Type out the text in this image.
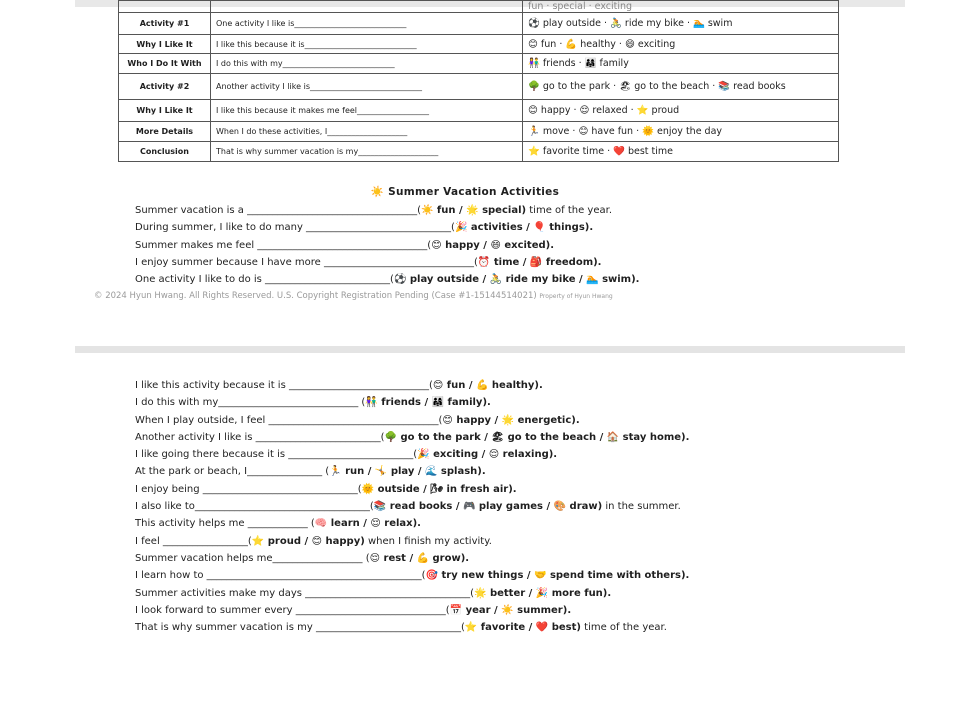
		fun · special · exciting
Activity #1	One activity I like is____________________________	⚽ play outside · 🚴 ride my bike · 🏊 swim
Why I Like It	I like this because it is____________________________	😊 fun · 💪 healthy · 😄 exciting
Who I Do It With	I do this with my____________________________	👫 friends · 👨‍👩‍👧 family
Activity #2	Another activity I like is____________________________	🌳 go to the park · 🏖 go to the beach · 📚 read books
Why I Like It	I like this because it makes me feel__________________	😊 happy · 😌 relaxed · ⭐ proud
More Details	When I do these activities, I____________________	🏃 move · 😊 have fun · 🌞 enjoy the day
Conclusion	That is why summer vacation is my____________________	⭐ favorite time · ❤️ best time
☀️ Summer Vacation Activities
Summer vacation is a __________________________________(☀️ fun / 🌟 special) time of the year.
During summer, I like to do many _____________________________(🎉 activities / 🎈 things).
Summer makes me feel __________________________________(😊 happy / 😄 excited).
I enjoy summer because I have more ______________________________(⏰ time / 🎒 freedom).
One activity I like to do is _________________________(⚽ play outside / 🚴 ride my bike / 🏊 swim).
© 2024 Hyun Hwang. All Rights Reserved. U.S. Copyright Registration Pending (Case #1-15144514021) Property of Hyun Hwang
I like this activity because it is ____________________________(😊 fun / 💪 healthy).
I do this with my____________________________ (👫 friends / 👨‍👩‍👧 family).
When I play outside, I feel __________________________________(😊 happy / 🌟 energetic).
Another activity I like is _________________________(🌳 go to the park / 🏖 go to the beach / 🏠 stay home).
I like going there because it is _________________________(🎉 exciting / 😌 relaxing).
At the park or beach, I_______________ (🏃 run / 🤸 play / 🌊 splash).
I enjoy being _______________________________(🌞 outside / 🌬 in fresh air).
I also like to___________________________________(📚 read books / 🎮 play games / 🎨 draw) in the summer.
This activity helps me ____________ (🧠 learn / 😌 relax).
I feel _________________(⭐ proud / 😊 happy) when I finish my activity.
Summer vacation helps me__________________ (😌 rest / 💪 grow).
I learn how to ___________________________________________(🎯 try new things / 🤝 spend time with others).
Summer activities make my days _________________________________(🌟 better / 🎉 more fun).
I look forward to summer every ______________________________(📅 year / ☀️ summer).
That is why summer vacation is my _____________________________(⭐ favorite / ❤️ best) time of the year.
